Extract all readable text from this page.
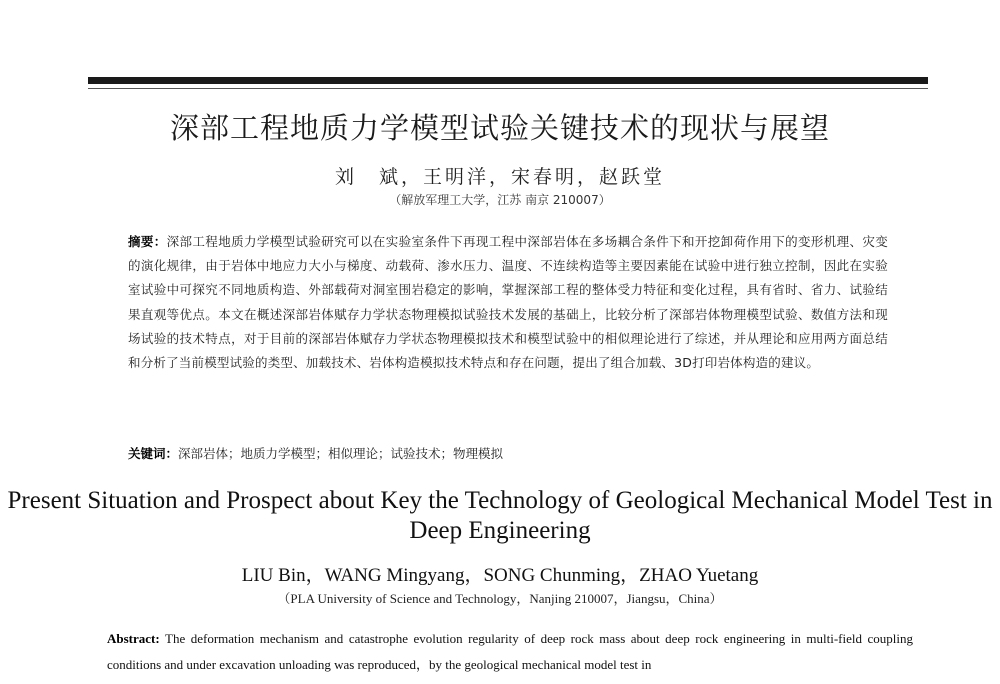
深部工程地质力学模型试验关键技术的现状与展望
刘　斌，王明洋，宋春明，赵跃堂
（解放军理工大学，江苏 南京 210007）
摘要：深部工程地质力学模型试验研究可以在实验室条件下再现工程中深部岩体在多场耦合条件下和开挖卸荷作用下的变形机理、灾变的演化规律，由于岩体中地应力大小与梯度、动载荷、渗水压力、温度、不连续构造等主要因素能在试验中进行独立控制，因此在实验室试验中可探究不同地质构造、外部载荷对洞室围岩稳定的影响，掌握深部工程的整体受力特征和变化过程，具有省时、省力、试验结果直观等优点。本文在概述深部岩体赋存力学状态物理模拟试验技术发展的基础上，比较分析了深部岩体物理模型试验、数值方法和现场试验的技术特点，对于目前的深部岩体赋存力学状态物理模拟技术和模型试验中的相似理论进行了综述，并从理论和应用两方面总结和分析了当前模型试验的类型、加载技术、岩体构造模拟技术特点和存在问题，提出了组合加载、3D打印岩体构造的建议。
关键词：深部岩体；地质力学模型；相似理论；试验技术；物理模拟
Present Situation and Prospect about Key the Technology of Geological Mechanical Model Test in Deep Engineering
LIU Bin，WANG Mingyang，SONG Chunming，ZHAO Yuetang
（PLA University of Science and Technology，Nanjing 210007，Jiangsu，China）
Abstract: The deformation mechanism and catastrophe evolution regularity of deep rock mass about deep rock engineering in multi-field coupling conditions and under excavation unloading was reproduced，by the geological mechanical model test in
